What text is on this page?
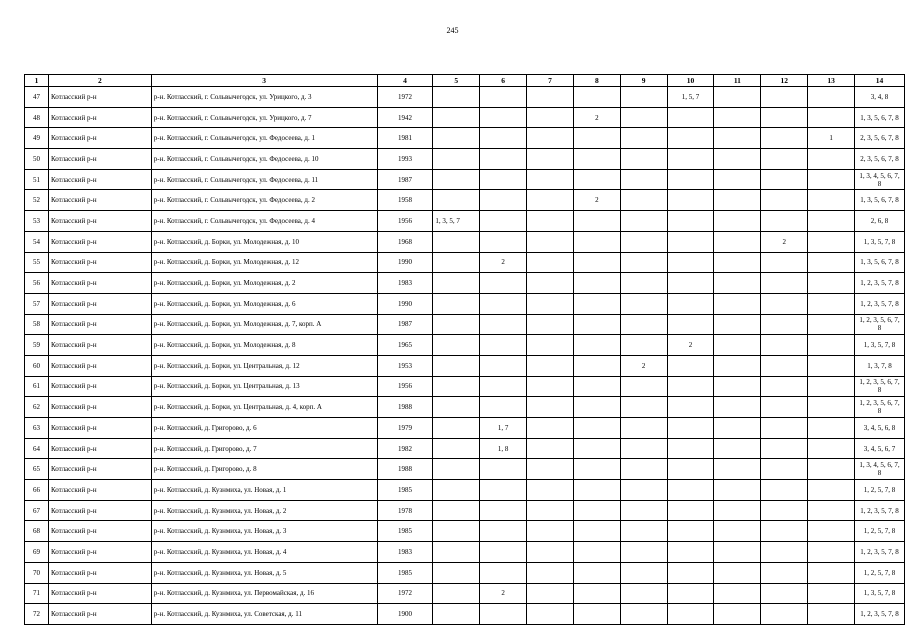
245
1	2	3	4	5	6	7	8	9	10	11	12	13	14
47	Котласский р-н	р-н. Котласский, г. Сольвычегодск, ул. Урицкого, д. 3	1972						1, 5, 7				3, 4, 8
48	Котласский р-н	р-н. Котласский, г. Сольвычегодск, ул. Урицкого, д. 7	1942				2						1, 3, 5, 6, 7, 8
49	Котласский р-н	р-н. Котласский, г. Сольвычегодск, ул. Федосеева, д. 1	1981									1	2, 3, 5, 6, 7, 8
50	Котласский р-н	р-н. Котласский, г. Сольвычегодск, ул. Федосеева, д. 10	1993										2, 3, 5, 6, 7, 8
51	Котласский р-н	р-н. Котласский, г. Сольвычегодск, ул. Федосеева, д. 11	1987										1, 3, 4, 5, 6, 7, 8
52	Котласский р-н	р-н. Котласский, г. Сольвычегодск, ул. Федосеева, д. 2	1958				2						1, 3, 5, 6, 7, 8
53	Котласский р-н	р-н. Котласский, г. Сольвычегодск, ул. Федосеева, д. 4	1956	1, 3, 5, 7									2, 6, 8
54	Котласский р-н	р-н. Котласский, д. Борки, ул. Молодежная, д. 10	1968								2		1, 3, 5, 7, 8
55	Котласский р-н	р-н. Котласский, д. Борки, ул. Молодежная, д. 12	1990		2								1, 3, 5, 6, 7, 8
56	Котласский р-н	р-н. Котласский, д. Борки, ул. Молодежная, д. 2	1983										1, 2, 3, 5, 7, 8
57	Котласский р-н	р-н. Котласский, д. Борки, ул. Молодежная, д. 6	1990										1, 2, 3, 5, 7, 8
58	Котласский р-н	р-н. Котласский, д. Борки, ул. Молодежная, д. 7, корп. А	1987										1, 2, 3, 5, 6, 7, 8
59	Котласский р-н	р-н. Котласский, д. Борки, ул. Молодежная, д. 8	1965						2				1, 3, 5, 7, 8
60	Котласский р-н	р-н. Котласский, д. Борки, ул. Центральная, д. 12	1953					2					1, 3, 7, 8
61	Котласский р-н	р-н. Котласский, д. Борки, ул. Центральная, д. 13	1956										1, 2, 3, 5, 6, 7, 8
62	Котласский р-н	р-н. Котласский, д. Борки, ул. Центральная, д. 4, корп. А	1988										1, 2, 3, 5, 6, 7, 8
63	Котласский р-н	р-н. Котласский, д. Григорово, д. 6	1979		1, 7								3, 4, 5, 6, 8
64	Котласский р-н	р-н. Котласский, д. Григорово, д. 7	1982		1, 8								3, 4, 5, 6, 7
65	Котласский р-н	р-н. Котласский, д. Григорово, д. 8	1988										1, 3, 4, 5, 6, 7, 8
66	Котласский р-н	р-н. Котласский, д. Кузнмиха, ул. Новая, д. 1	1985										1, 2, 5, 7, 8
67	Котласский р-н	р-н. Котласский, д. Кузнмиха, ул. Новая, д. 2	1978										1, 2, 3, 5, 7, 8
68	Котласский р-н	р-н. Котласский, д. Кузнмиха, ул. Новая, д. 3	1985										1, 2, 5, 7, 8
69	Котласский р-н	р-н. Котласский, д. Кузнмиха, ул. Новая, д. 4	1983										1, 2, 3, 5, 7, 8
70	Котласский р-н	р-н. Котласский, д. Кузнмиха, ул. Новая, д. 5	1985										1, 2, 5, 7, 8
71	Котласский р-н	р-н. Котласский, д. Кузнмиха, ул. Первомайская, д. 16	1972		2								1, 3, 5, 7, 8
72	Котласский р-н	р-н. Котласский, д. Кузнмиха, ул. Советская, д. 11	1900										1, 2, 3, 5, 7, 8
